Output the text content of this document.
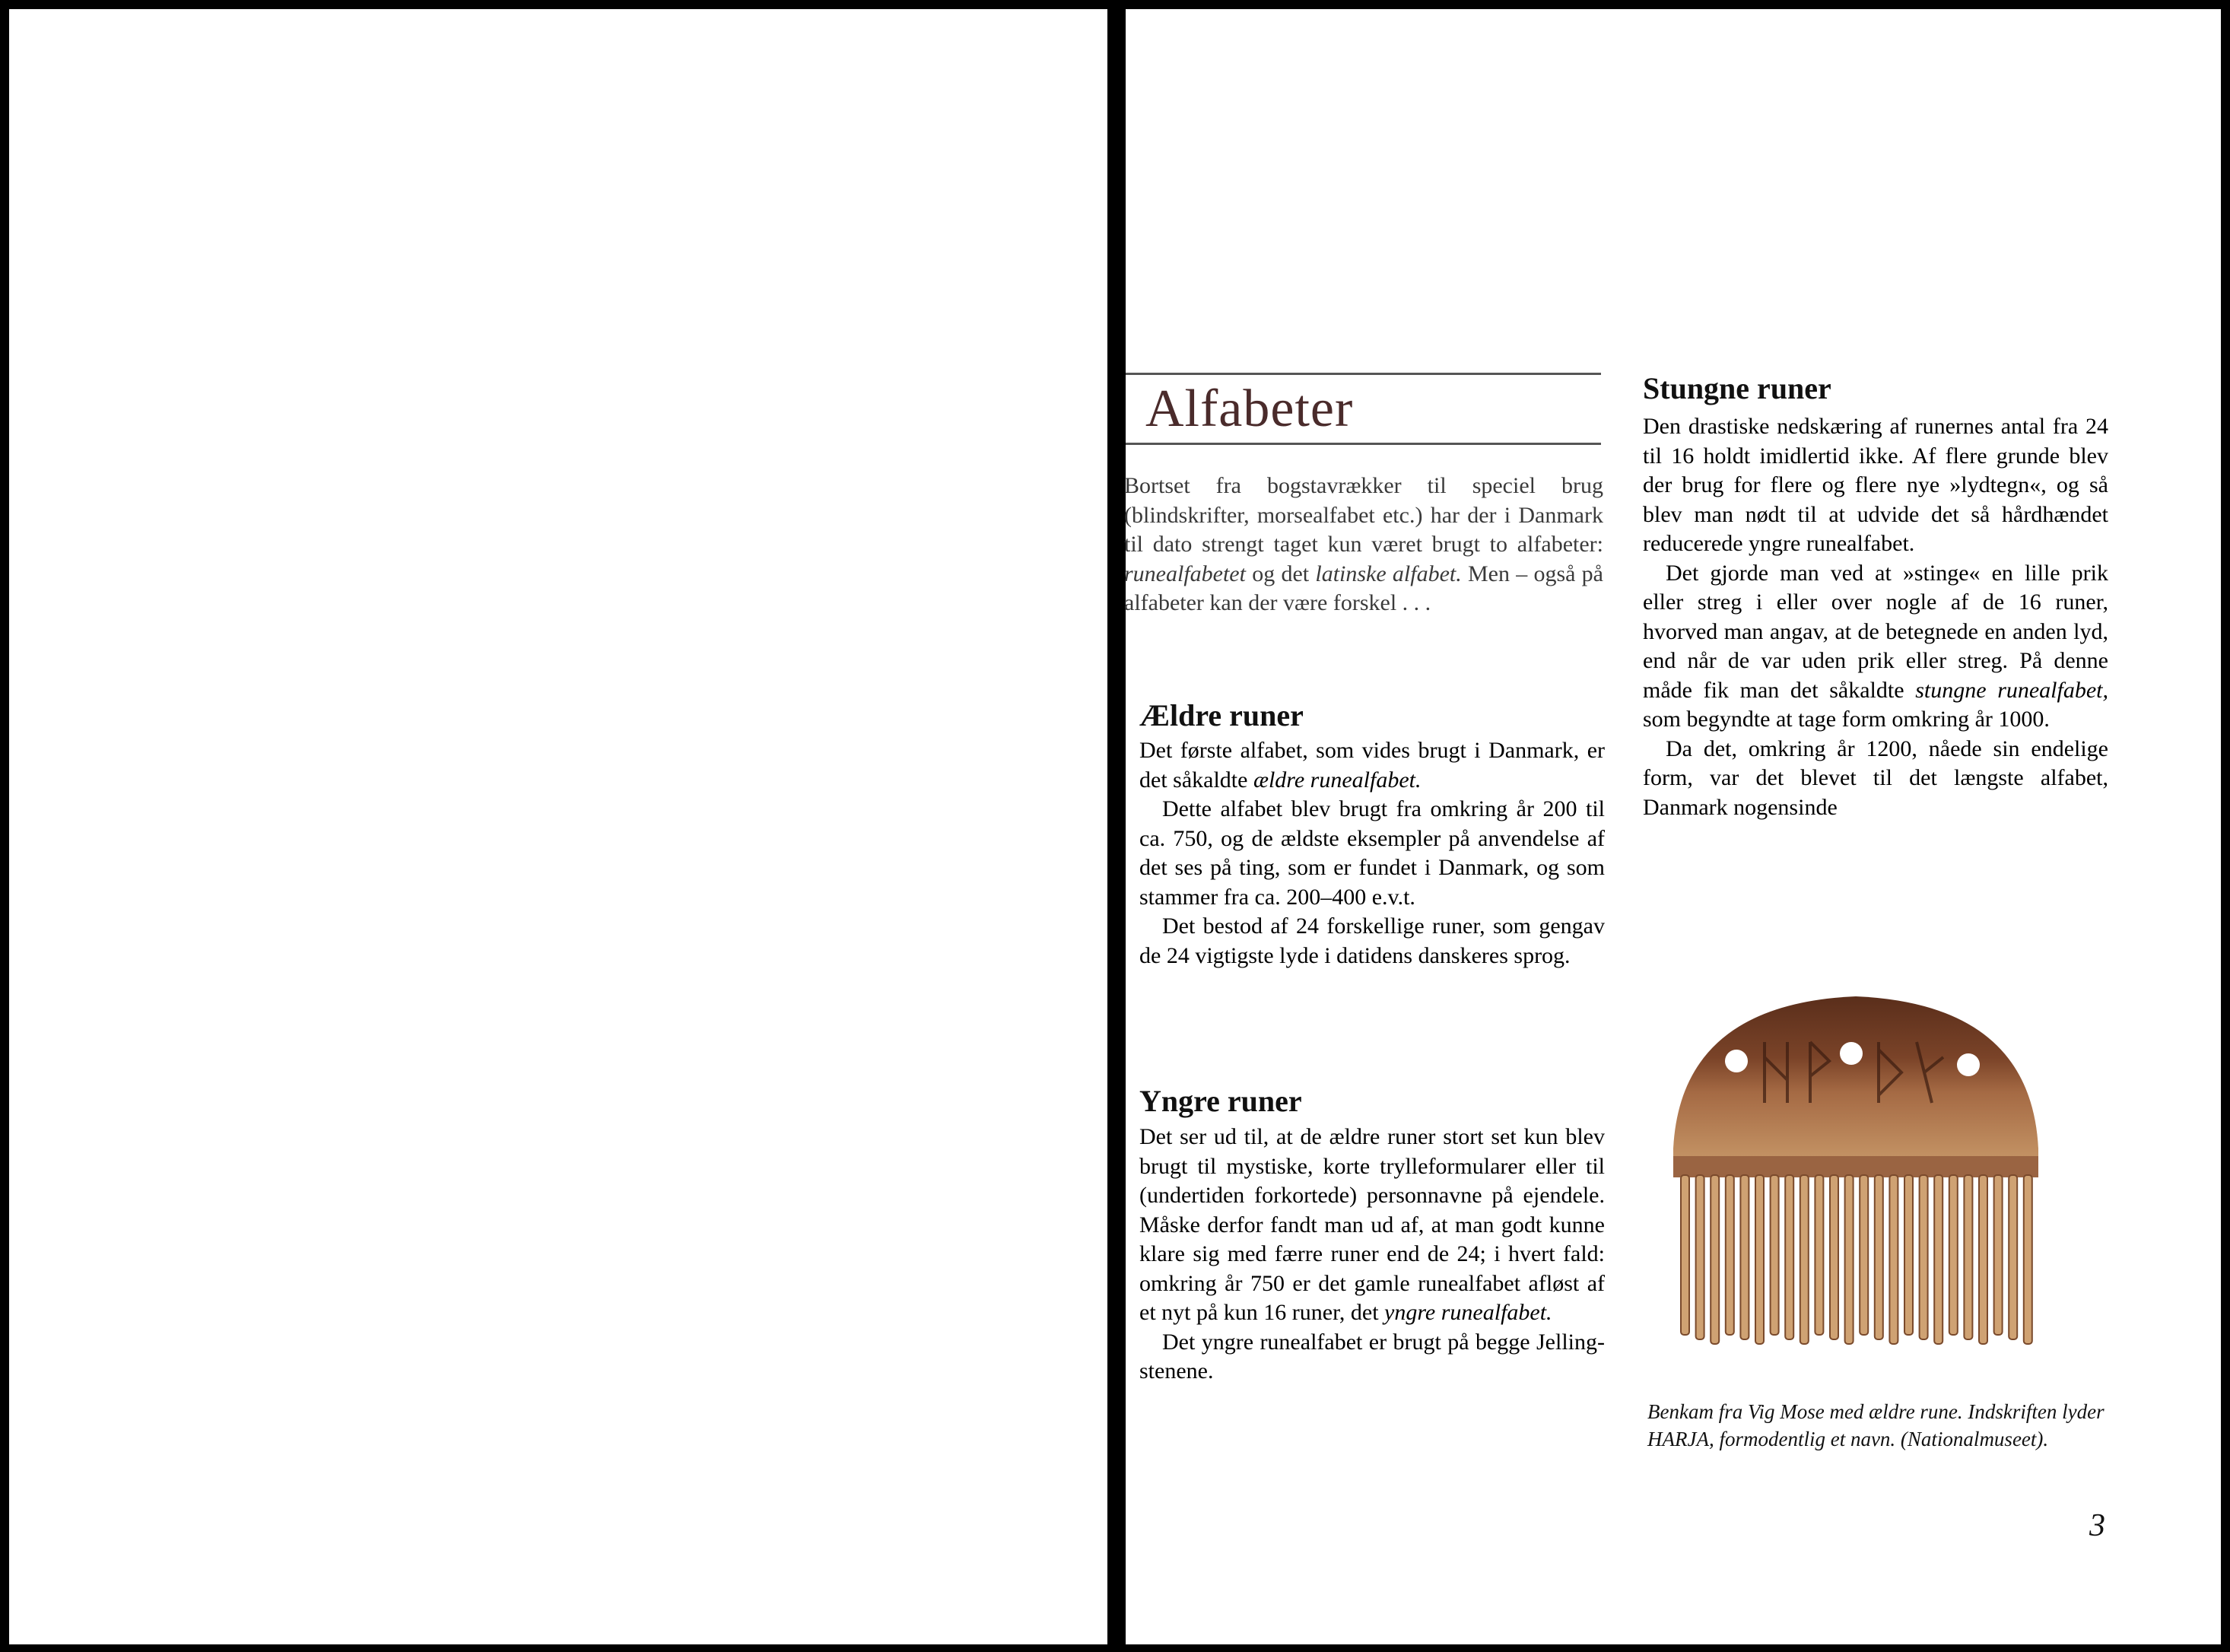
Alfabeter

Bortset fra bogstavrækker til speciel brug (blindskrifter, morsealfabet etc.) har der i Danmark til dato strengt taget kun været brugt to alfabeter: runealfabetet og det latinske alfabet. Men – også på alfabeter kan der være forskel . . .

Ældre runer

Det første alfabet, som vides brugt i Danmark, er det såkaldte ældre runealfabet.

Dette alfabet blev brugt fra omkring år 200 til ca. 750, og de ældste eksempler på anvendelse af det ses på ting, som er fundet i Danmark, og som stammer fra ca. 200–400 e.v.t.

Det bestod af 24 forskellige runer, som gengav de 24 vigtigste lyde i datidens danskeres sprog.

Yngre runer

Det ser ud til, at de ældre runer stort set kun blev brugt til mystiske, korte trylleformularer eller til (undertiden forkortede) personnavne på ejendele. Måske derfor fandt man ud af, at man godt kunne klare sig med færre runer end de 24; i hvert fald: omkring år 750 er det gamle runealfabet afløst af et nyt på kun 16 runer, det yngre runealfabet.

Det yngre runealfabet er brugt på begge Jelling-stenene.

Stungne runer

Den drastiske nedskæring af runernes antal fra 24 til 16 holdt imidlertid ikke. Af flere grunde blev der brug for flere og flere nye »lydtegn«, og så blev man nødt til at udvide det så hårdhændet reducerede yngre runealfabet.

Det gjorde man ved at »stinge« en lille prik eller streg i eller over nogle af de 16 runer, hvorved man angav, at de betegnede en anden lyd, end når de var uden prik eller streg. På denne måde fik man det såkaldte stungne runealfabet, som begyndte at tage form omkring år 1000.

Da det, omkring år 1200, nåede sin endelige form, var det blevet til det længste alfabet, Danmark nogensinde

Benkam fra Vig Mose med ældre rune. Indskriften lyder HARJA, formodentlig et navn. (Nationalmuseet).

3
